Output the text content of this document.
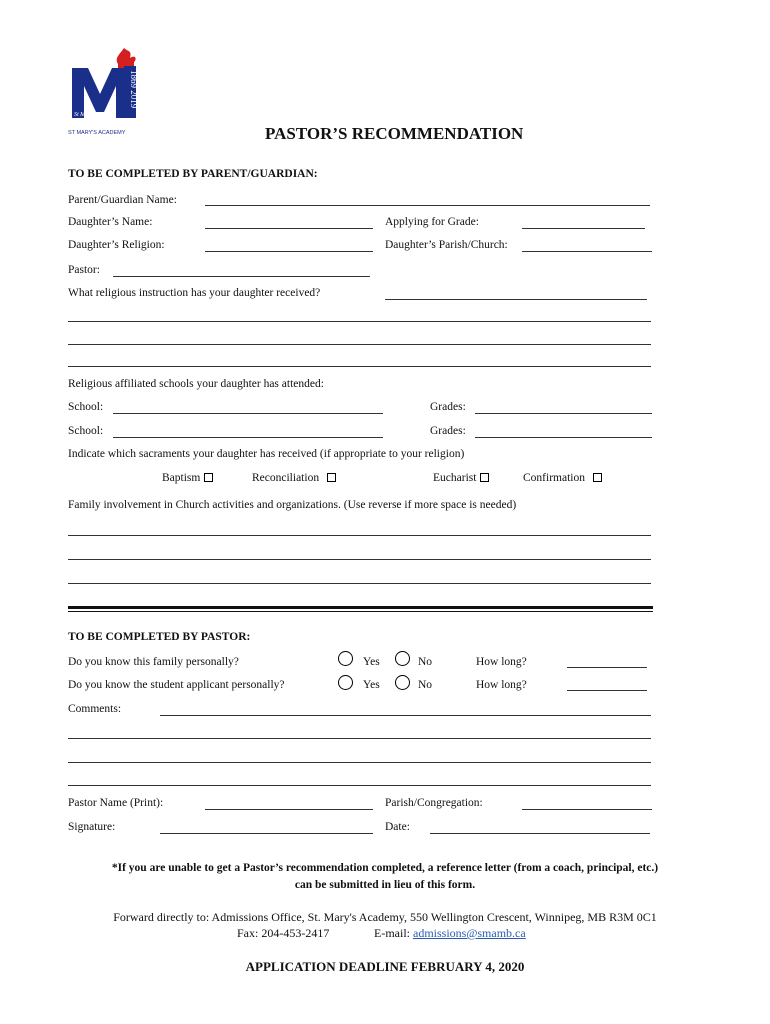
1869 2019
St Mary's
ST MARY'S ACADEMY	PASTOR’S RECOMMENDATION
TO BE COMPLETED BY PARENT/GUARDIAN:
Parent/Guardian Name:
Daughter’s Name:	Applying for Grade:
Daughter’s Religion:	Daughter’s Parish/Church:
Pastor:
What religious instruction has your daughter received?
Religious affiliated schools your daughter has attended:
School:	Grades:
School:	Grades:
Indicate which sacraments your daughter has received (if appropriate to your religion)
Baptism	Reconciliation	Eucharist	Confirmation
Family involvement in Church activities and organizations. (Use reverse if more space is needed)
TO BE COMPLETED BY PASTOR:
Do you know this family personally?	Yes	No	How long?
Do you know the student applicant personally?	Yes	No	How long?
Comments:
Pastor Name (Print):	Parish/Congregation:
Signature:	Date:
*If you are unable to get a Pastor’s recommendation completed, a reference letter (from a coach, principal, etc.)
can be submitted in lieu of this form.
Forward directly to: Admissions Office, St. Mary's Academy, 550 Wellington Crescent, Winnipeg, MB R3M 0C1
Fax: 204-453-2417	E-mail: admissions@smamb.ca
APPLICATION DEADLINE FEBRUARY 4, 2020
